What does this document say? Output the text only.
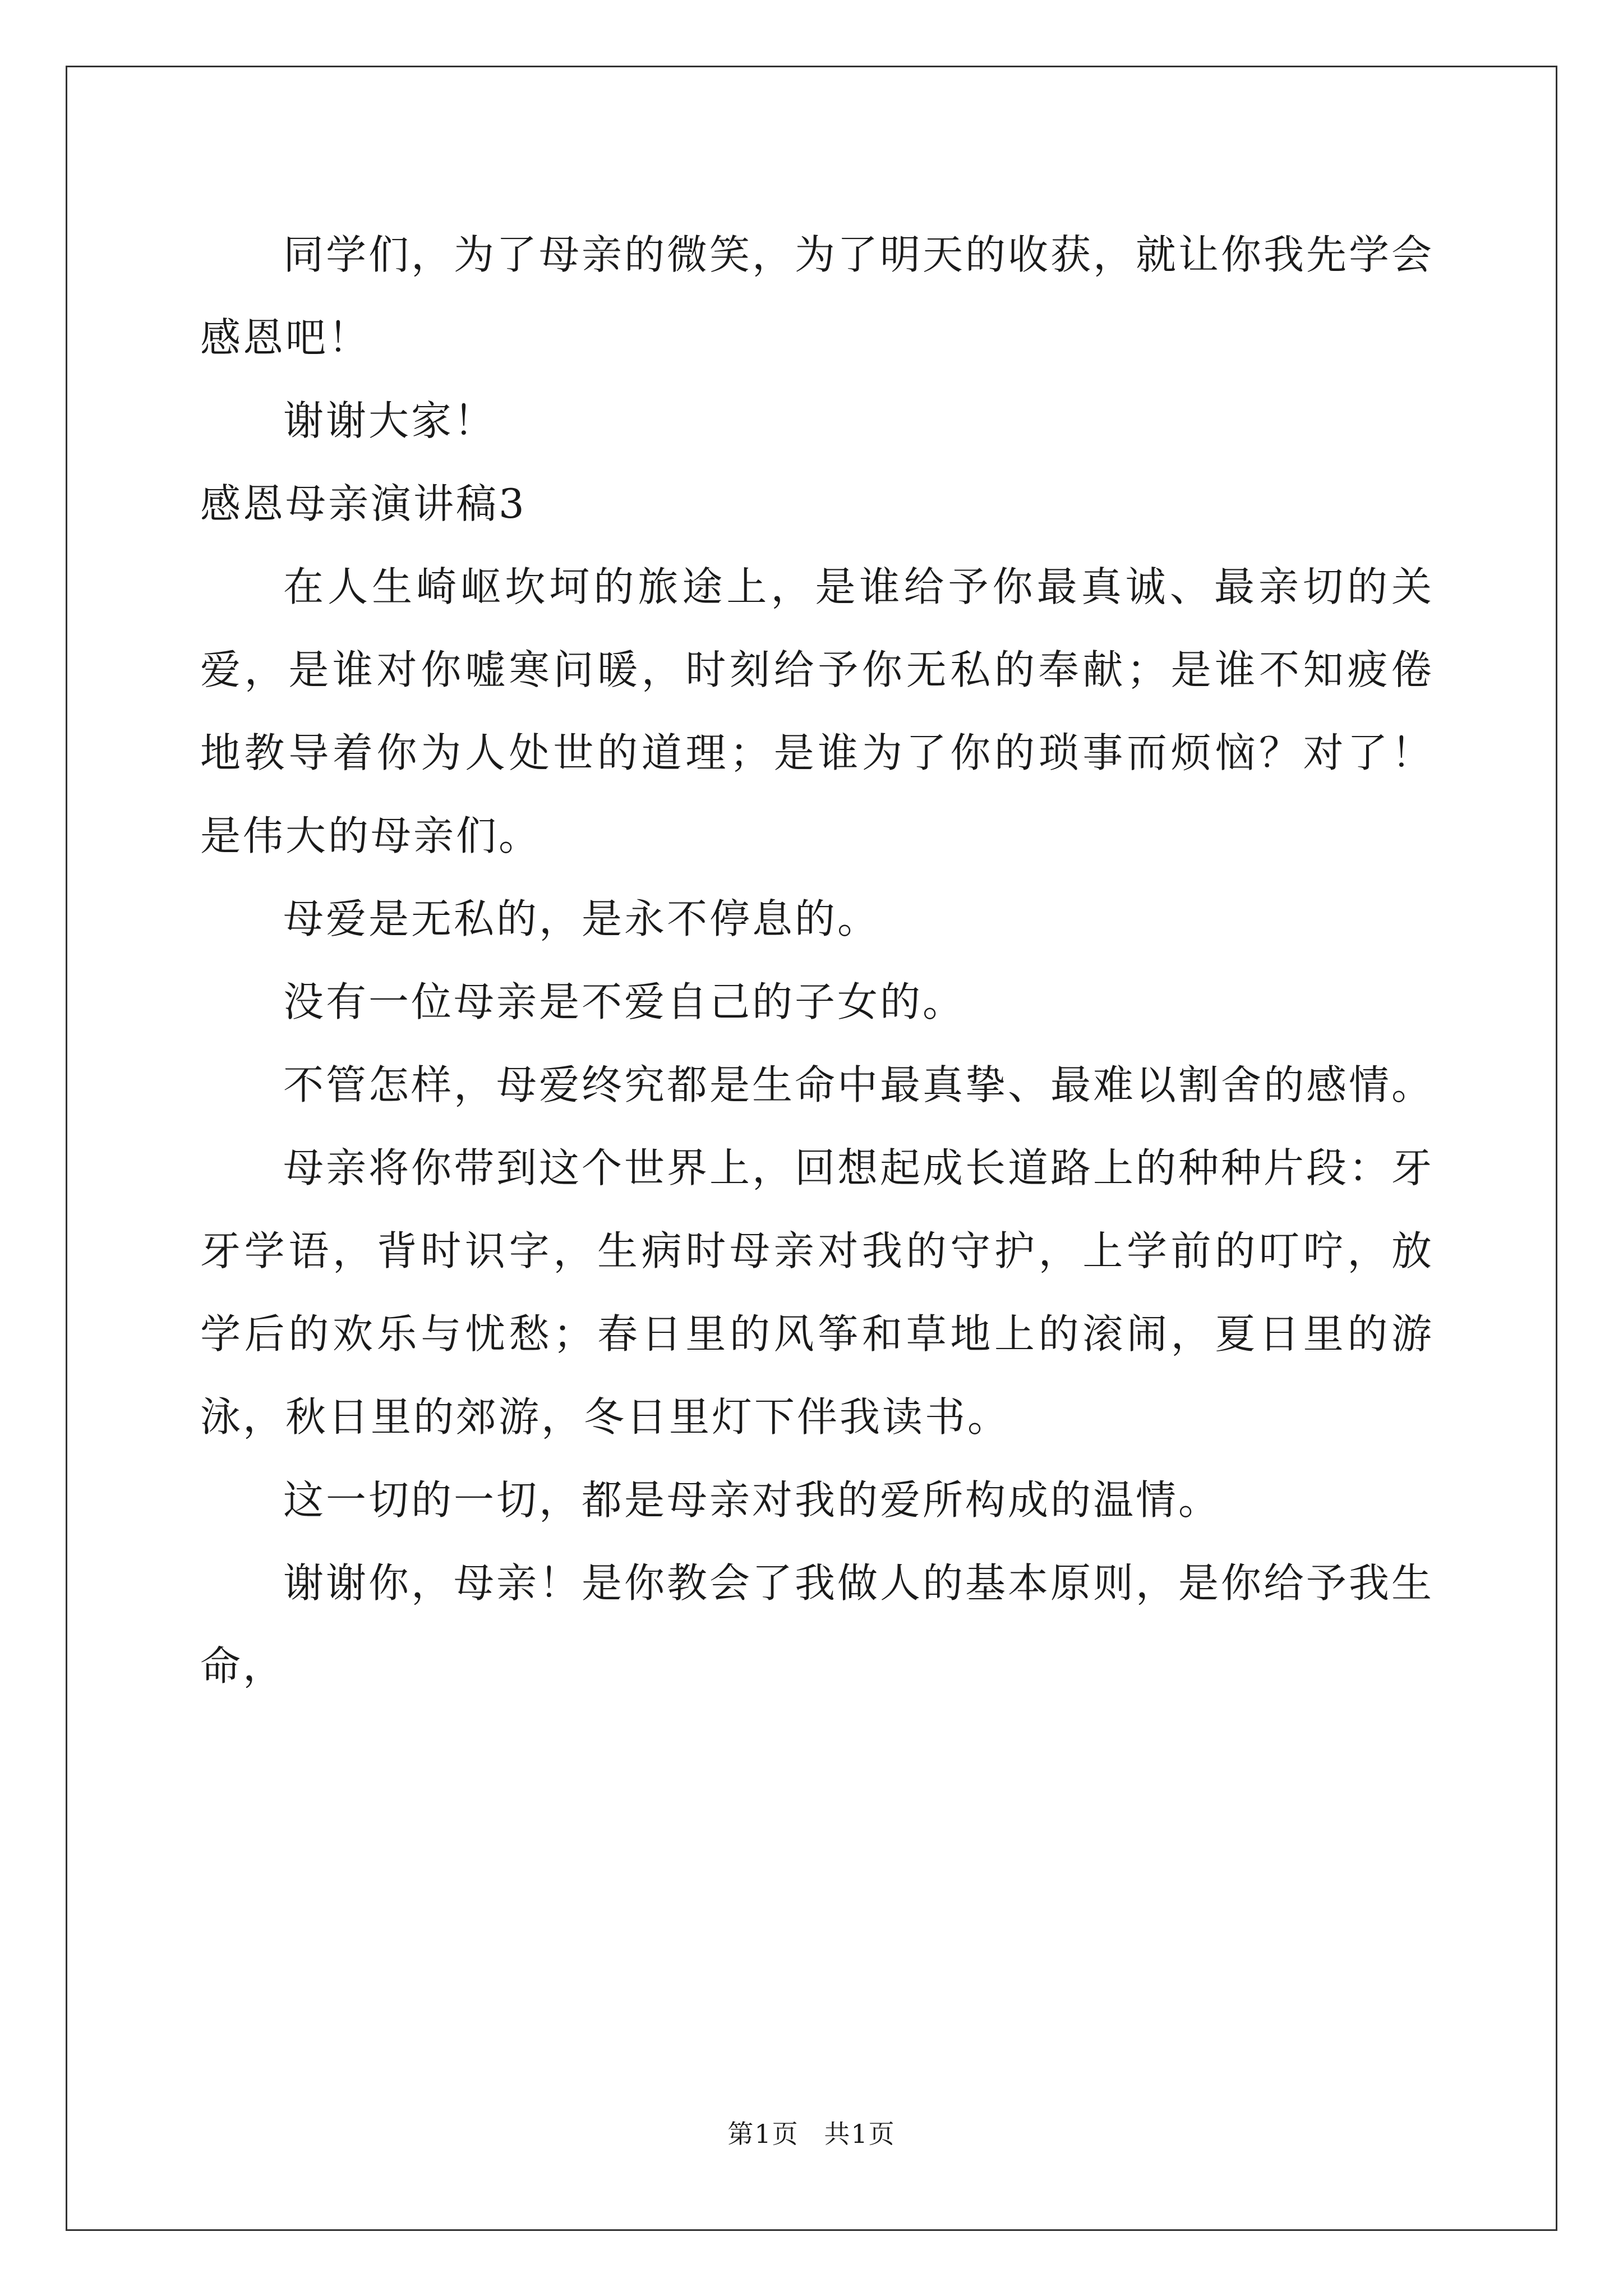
同学们，为了母亲的微笑，为了明天的收获，就让你我先学会感恩吧！

谢谢大家！

感恩母亲演讲稿3

在人生崎岖坎坷的旅途上，是谁给予你最真诚、最亲切的关爱，是谁对你嘘寒问暖，时刻给予你无私的奉献；是谁不知疲倦地教导着你为人处世的道理；是谁为了你的琐事而烦恼？对了！是伟大的母亲们。

母爱是无私的，是永不停息的。

没有一位母亲是不爱自己的子女的。

不管怎样，母爱终究都是生命中最真挚、最难以割舍的感情。

母亲将你带到这个世界上，回想起成长道路上的种种片段：牙牙学语，背时识字，生病时母亲对我的守护，上学前的叮咛，放学后的欢乐与忧愁；春日里的风筝和草地上的滚闹，夏日里的游泳，秋日里的郊游，冬日里灯下伴我读书。

这一切的一切，都是母亲对我的爱所构成的温情。

谢谢你，母亲！是你教会了我做人的基本原则，是你给予我生命，

第1页 共1页
